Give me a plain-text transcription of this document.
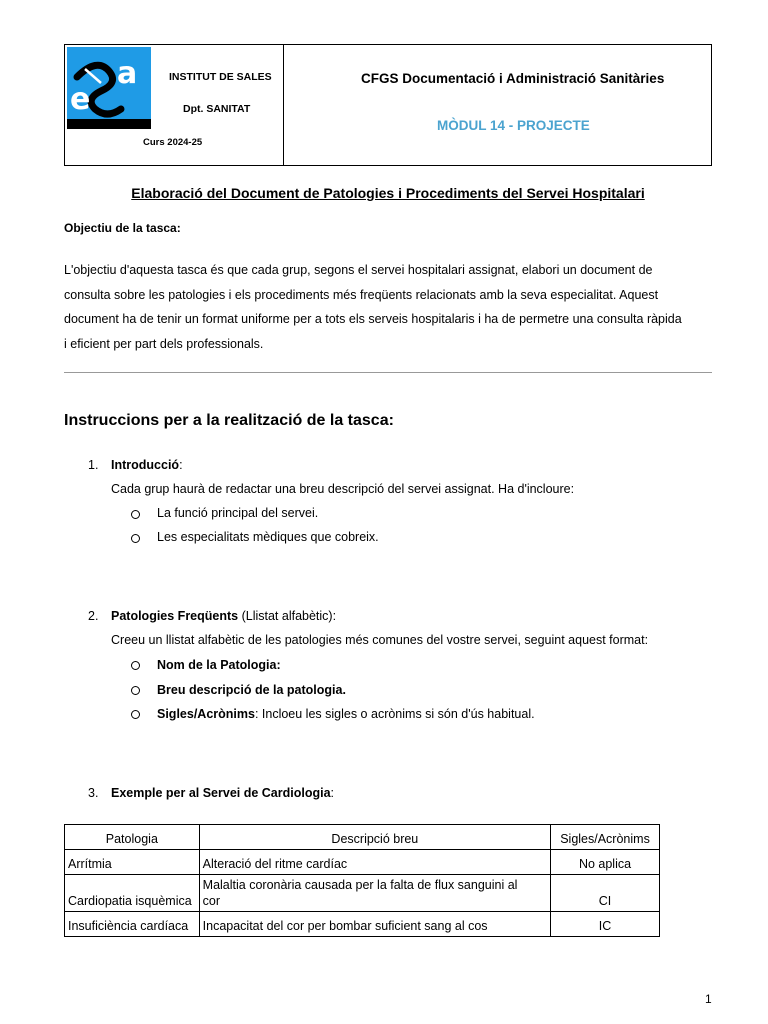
e
a	INSTITUT DE SALES
Dpt. SANITAT
Curs 2024-25
CFGS Documentació i Administració Sanitàries
MÒDUL 14 - PROJECTE
Elaboració del Document de Patologies i Procediments del Servei Hospitalari
Objectiu de la tasca:
L'objectiu d'aquesta tasca és que cada grup, segons el servei hospitalari assignat, elabori un document de
consulta sobre les patologies i els procediments més freqüents relacionats amb la seva especialitat. Aquest
document ha de tenir un format uniforme per a tots els serveis hospitalaris i ha de permetre una consulta ràpida
i eficient per part dels professionals.
Instruccions per a la realització de la tasca:
1. Introducció:
Cada grup haurà de redactar una breu descripció del servei assignat. Ha d'incloure:
La funció principal del servei.
Les especialitats mèdiques que cobreix.
2. Patologies Freqüents (Llistat alfabètic):
Creeu un llistat alfabètic de les patologies més comunes del vostre servei, seguint aquest format:
Nom de la Patologia:
Breu descripció de la patologia.
Sigles/Acrònims: Incloeu les sigles o acrònims si són d'ús habitual.
3. Exemple per al Servei de Cardiologia:
Patologia	Descripció breu	Sigles/Acrònims
Arrítmia	Alteració del ritme cardíac	No aplica
Cardiopatia isquèmica	Malaltia coronària causada per la falta de flux sanguini al
cor	CI
Insuficiència cardíaca	Incapacitat del cor per bombar suficient sang al cos	IC
1
